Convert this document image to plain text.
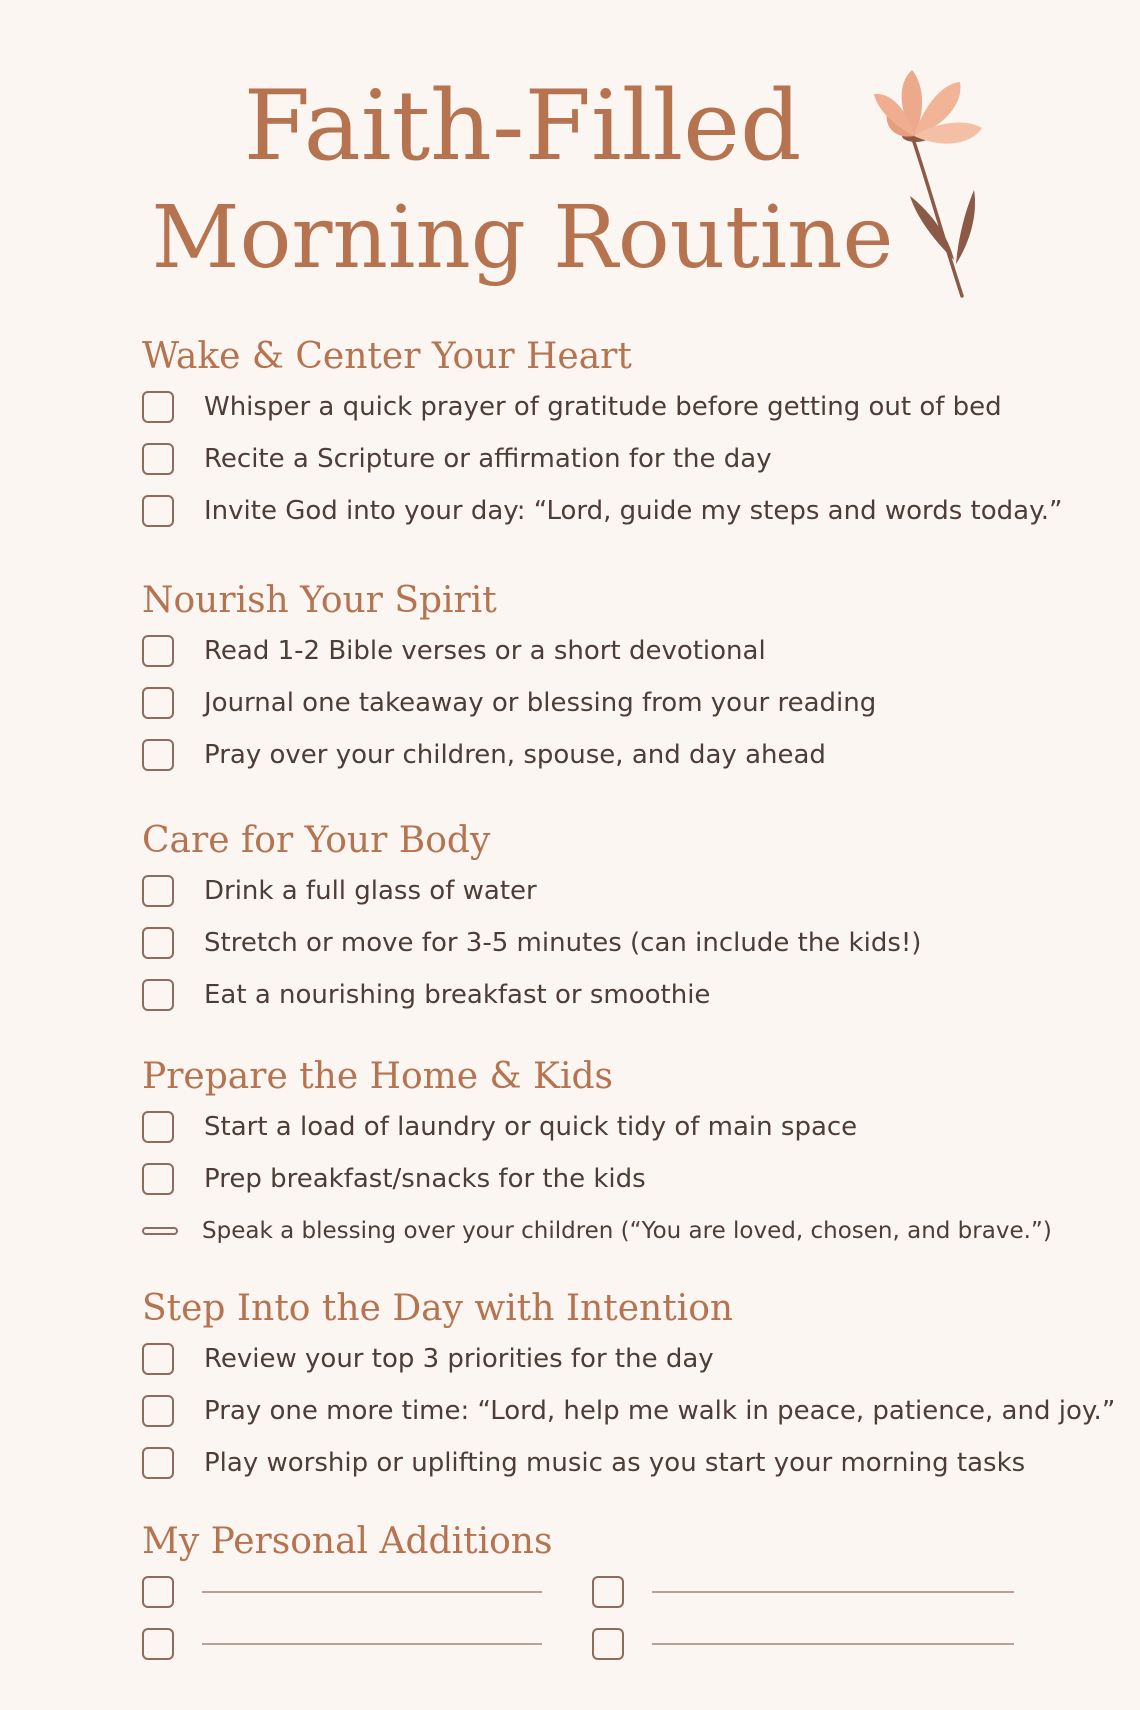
Faith-Filled
Morning Routine
Wake & Center Your Heart
Whisper a quick prayer of gratitude before getting out of bed
Recite a Scripture or affirmation for the day
Invite God into your day: “Lord, guide my steps and words today.”
Nourish Your Spirit
Read 1-2 Bible verses or a short devotional
Journal one takeaway or blessing from your reading
Pray over your children, spouse, and day ahead
Care for Your Body
Drink a full glass of water
Stretch or move for 3-5 minutes (can include the kids!)
Eat a nourishing breakfast or smoothie
Prepare the Home & Kids
Start a load of laundry or quick tidy of main space
Prep breakfast/snacks for the kids
Speak a blessing over your children (“You are loved, chosen, and brave.”)
Step Into the Day with Intention
Review your top 3 priorities for the day
Pray one more time: “Lord, help me walk in peace, patience, and joy.”
Play worship or uplifting music as you start your morning tasks
My Personal Additions
